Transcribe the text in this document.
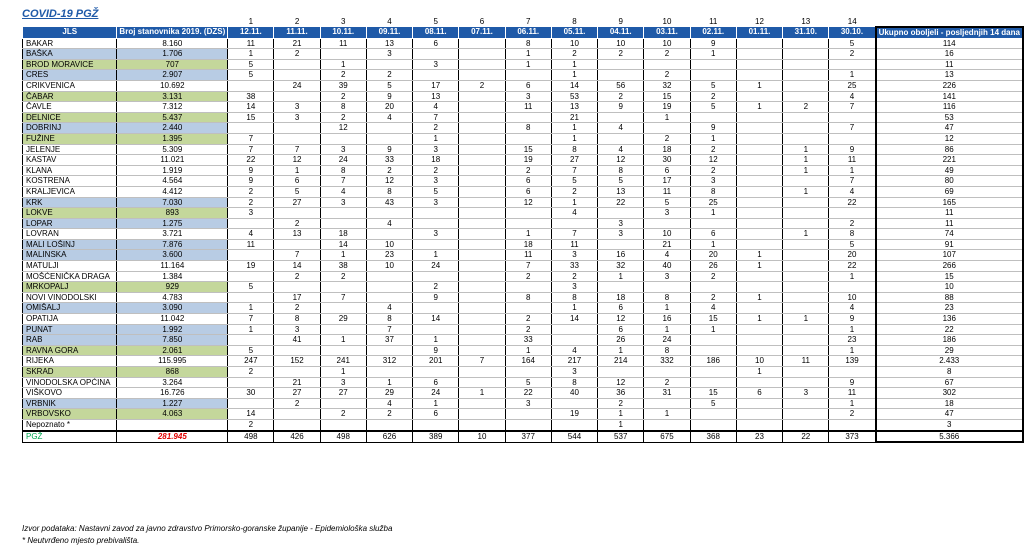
COVID-19 PGŽ
		1	2	3	4	5	6	7	8	9	10	11	12	13	14	
JLS	Broj stanovnika 2019. (DZS)	12.11.	11.11.	10.11.	09.11.	08.11.	07.11.	06.11.	05.11.	04.11.	03.11.	02.11.	01.11.	31.10.	30.10.	Ukupno oboljeli - posljednjih 14 dana
BAKAR	8.160	11	21	11	13	6		8	10	10	10	9			5	114
BAŠKA	1.706	1	2		3			1	2	2	2	1			2	16
BROD MORAVICE	707	5		1		3		1	1							11
CRES	2.907	5		2	2				1		2				1	13
CRIKVENICA	10.692		24	39	5	17	2	6	14	56	32	5	1		25	226
ČABAR	3.131	38		2	9	13		3	53	2	15	2			4	141
ČAVLE	7.312	14	3	8	20	4		11	13	9	19	5	1	2	7	116
DELNICE	5.437	15	3	2	4	7			21		1					53
DOBRINJ	2.440			12		2		8	1	4		9			7	47
FUŽINE	1.395	7				1			1		2	1				12
JELENJE	5.309	7	7	3	9	3		15	8	4	18	2		1	9	86
KASTAV	11.021	22	12	24	33	18		19	27	12	30	12		1	11	221
KLANA	1.919	9	1	8	2	2		2	7	8	6	2		1	1	49
KOSTRENA	4.564	9	6	7	12	3		6	5	5	17	3			7	80
KRALJEVICA	4.412	2	5	4	8	5		6	2	13	11	8		1	4	69
KRK	7.030	2	27	3	43	3		12	1	22	5	25			22	165
LOKVE	893	3							4		3	1				11
LOPAR	1.275		2		4					3					2	11
LOVRAN	3.721	4	13	18		3		1	7	3	10	6		1	8	74
MALI LOŠINJ	7.876	11		14	10			18	11		21	1			5	91
MALINSKA	3.600		7	1	23	1		11	3	16	4	20	1		20	107
MATULJI	11.164	19	14	38	10	24		7	33	32	40	26	1		22	266
MOŠĆENIČKA DRAGA	1.384		2	2				2	2	1	3	2			1	15
MRKOPALJ	929	5				2			3							10
NOVI VINODOLSKI	4.783		17	7		9		8	8	18	8	2	1		10	88
OMIŠALJ	3.090	1	2		4				1	6	1	4			4	23
OPATIJA	11.042	7	8	29	8	14		2	14	12	16	15	1	1	9	136
PUNAT	1.992	1	3		7			2		6	1	1			1	22
RAB	7.850		41	1	37	1		33		26	24				23	186
RAVNA GORA	2.061	5				9		1	4	1	8				1	29
RIJEKA	115.995	247	152	241	312	201	7	164	217	214	332	186	10	11	139	2.433
SKRAD	868	2		1					3				1			8
VINODOLSKA OPĆINA	3.264		21	3	1	6		5	8	12	2				9	67
VIŠKOVO	16.726	30	27	27	29	24	1	22	40	36	31	15	6	3	11	302
VRBNIK	1.227		2		4	1		3		2		5			1	18
VRBOVSKO	4.063	14		2	2	6			19	1	1				2	47
Nepoznato *		2								1						3
PGŽ	281.945	498	426	498	626	389	10	377	544	537	675	368	23	22	373	5.366
Izvor podataka: Nastavni zavod za javno zdravstvo Primorsko-goranske županije - Epidemiološka služba
* Neutvrđeno mjesto prebivališta.
